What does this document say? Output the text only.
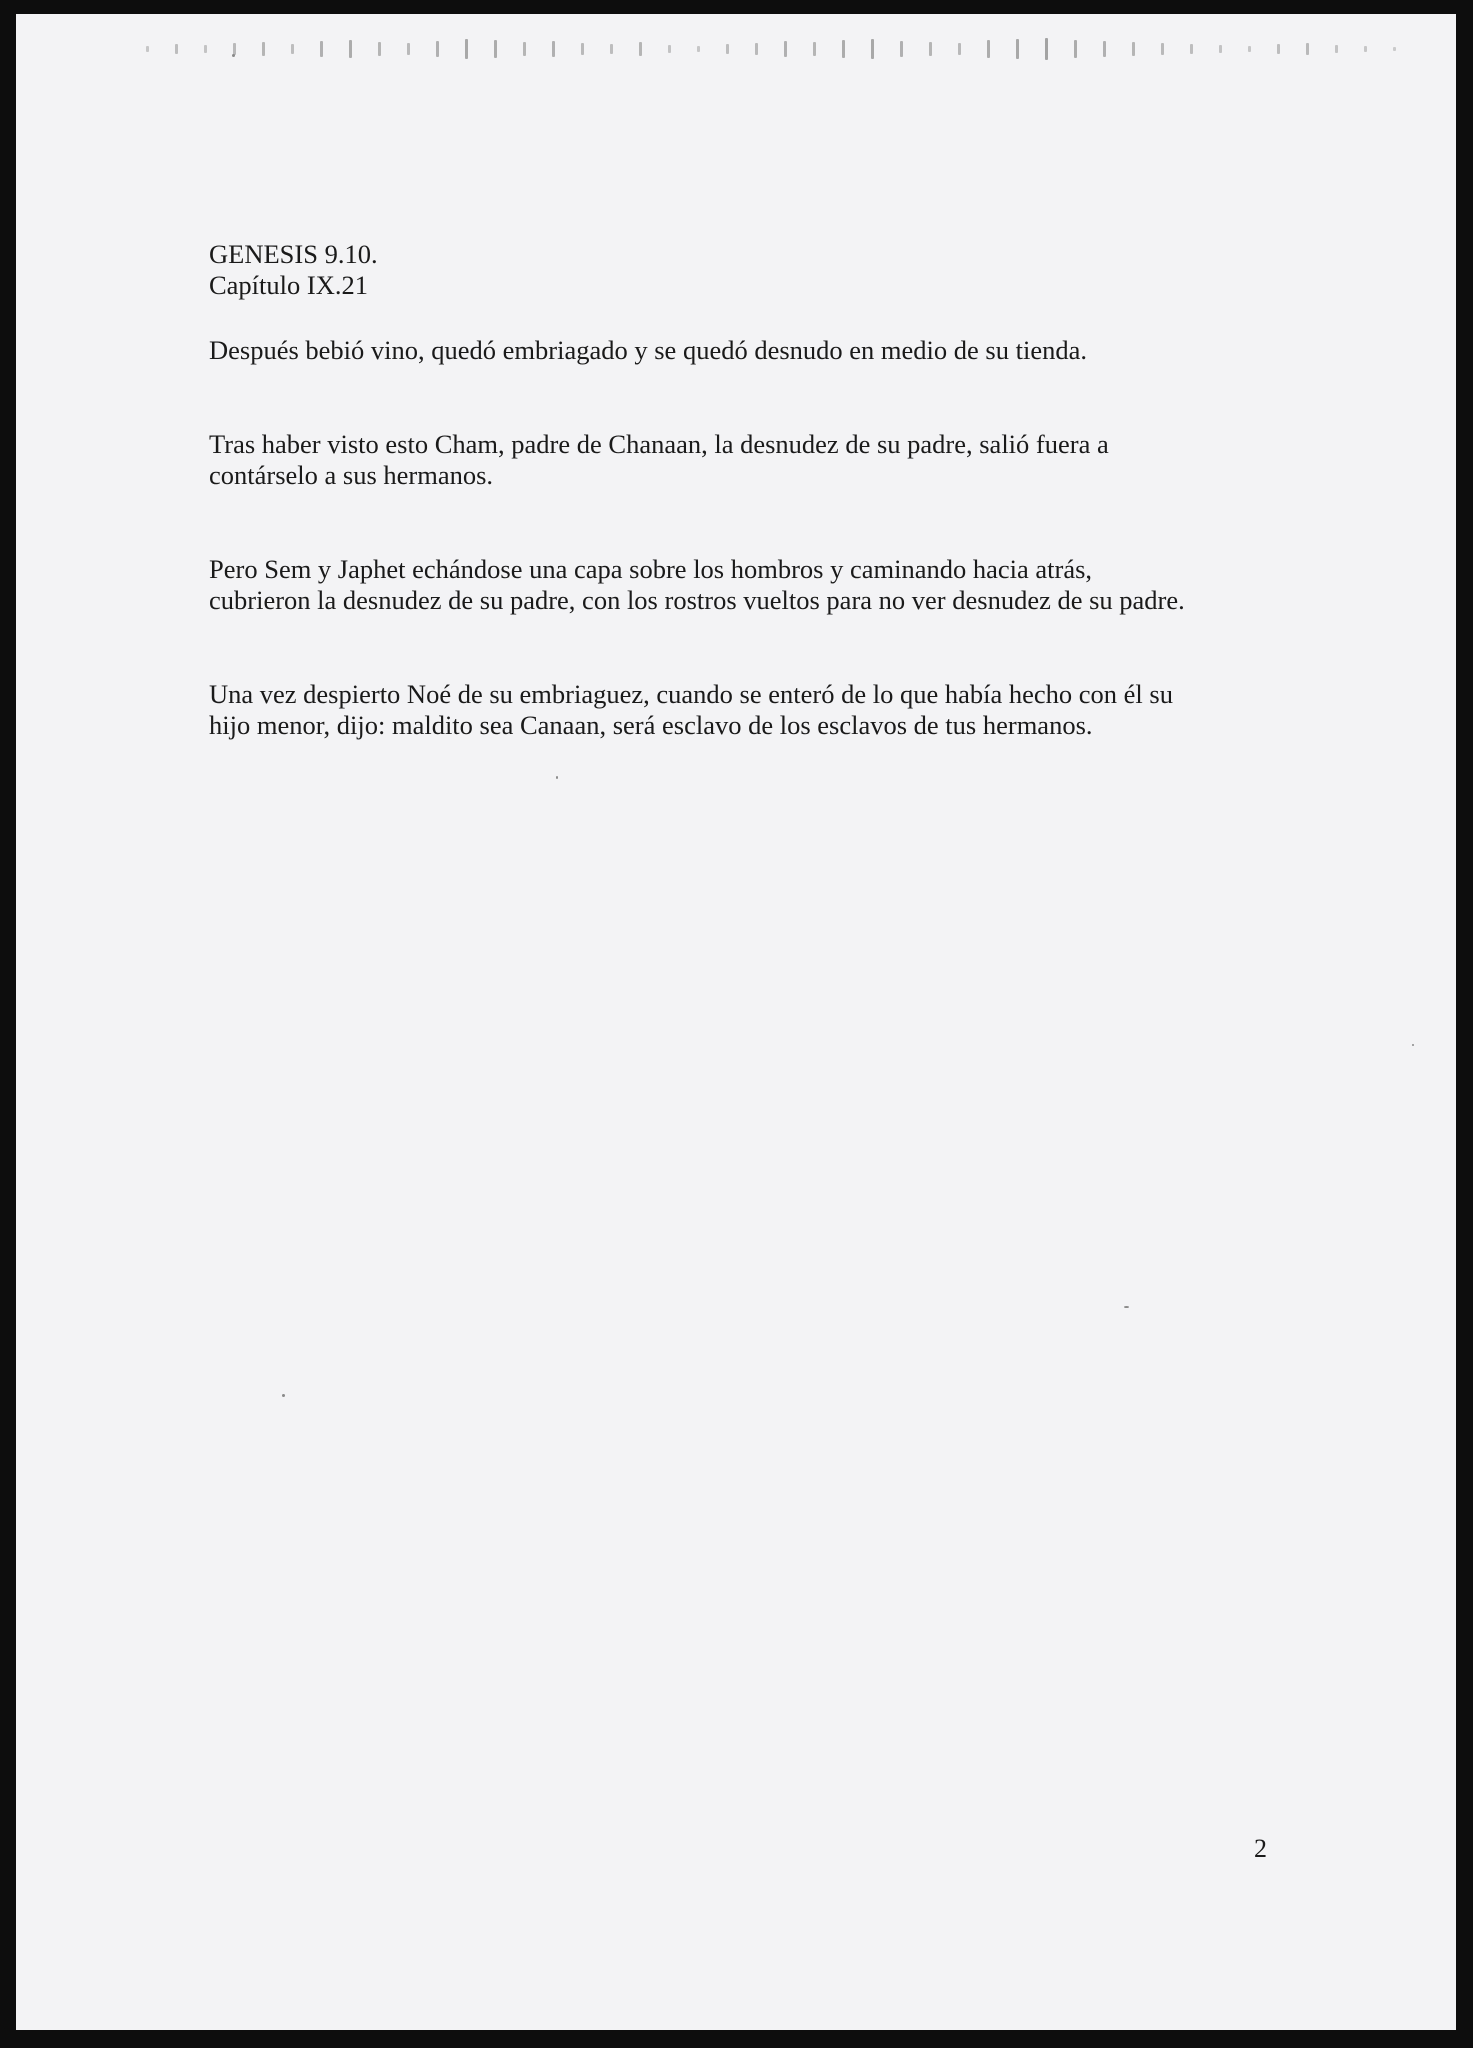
GENESIS 9.10.

Capítulo IX.21

Después bebió vino, quedó embriagado y se quedó desnudo en medio de su tienda.

Tras haber visto esto Cham, padre de Chanaan, la desnudez de su padre, salió fuera a
contárselo a sus hermanos.

Pero Sem y Japhet echándose una capa sobre los hombros y caminando hacia atrás,
cubrieron la desnudez de su padre, con los rostros vueltos para no ver desnudez de su padre.

Una vez despierto Noé de su embriaguez, cuando se enteró de lo que había hecho con él su
hijo menor, dijo: maldito sea Canaan, será esclavo de los esclavos de tus hermanos.

2
